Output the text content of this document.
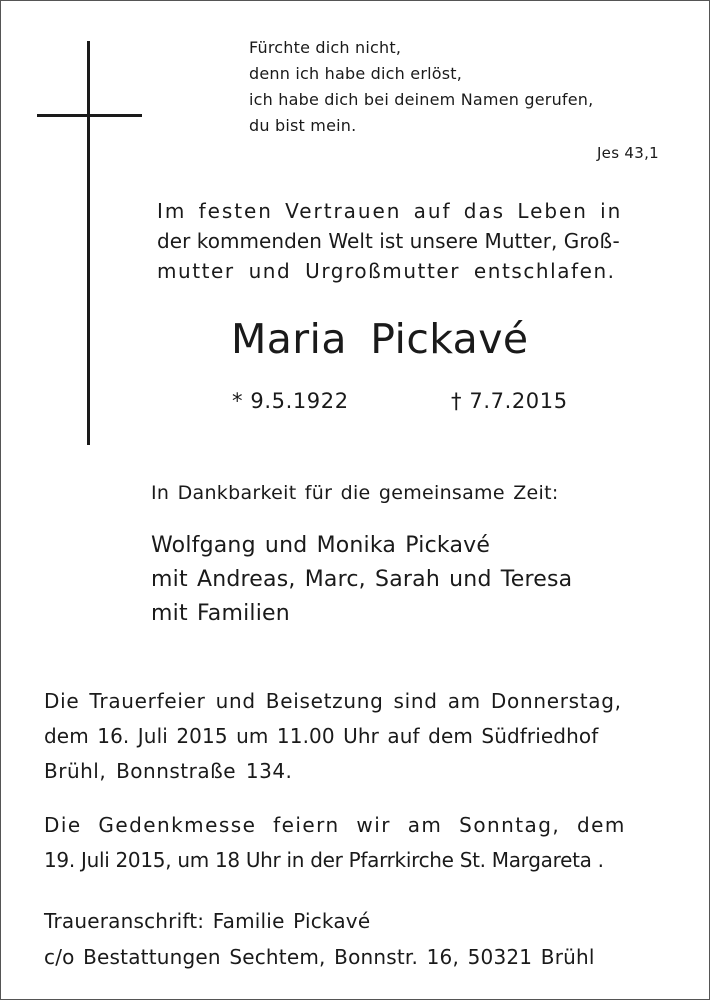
Fürchte dich nicht,
denn ich habe dich erlöst,
ich habe dich bei deinem Namen gerufen,
du bist mein.
Jes 43,1
Im festen Vertrauen auf das Leben in
der kommenden Welt ist unsere Mutter, Groß-
mutter und Urgroßmutter entschlafen.
Maria Pickavé
* 9.5.1922	† 7.7.2015
In Dankbarkeit für die gemeinsame Zeit:
Wolfgang und Monika Pickavé
mit Andreas, Marc, Sarah und Teresa
mit Familien
Die Trauerfeier und Beisetzung sind am Donnerstag,
dem 16. Juli 2015 um 11.00 Uhr auf dem Südfriedhof
Brühl, Bonnstraße 134.
Die Gedenkmesse feiern wir am Sonntag, dem
19. Juli 2015, um 18 Uhr in der Pfarrkirche St. Margareta .
Traueranschrift: Familie Pickavé
c/o Bestattungen Sechtem, Bonnstr. 16, 50321 Brühl
